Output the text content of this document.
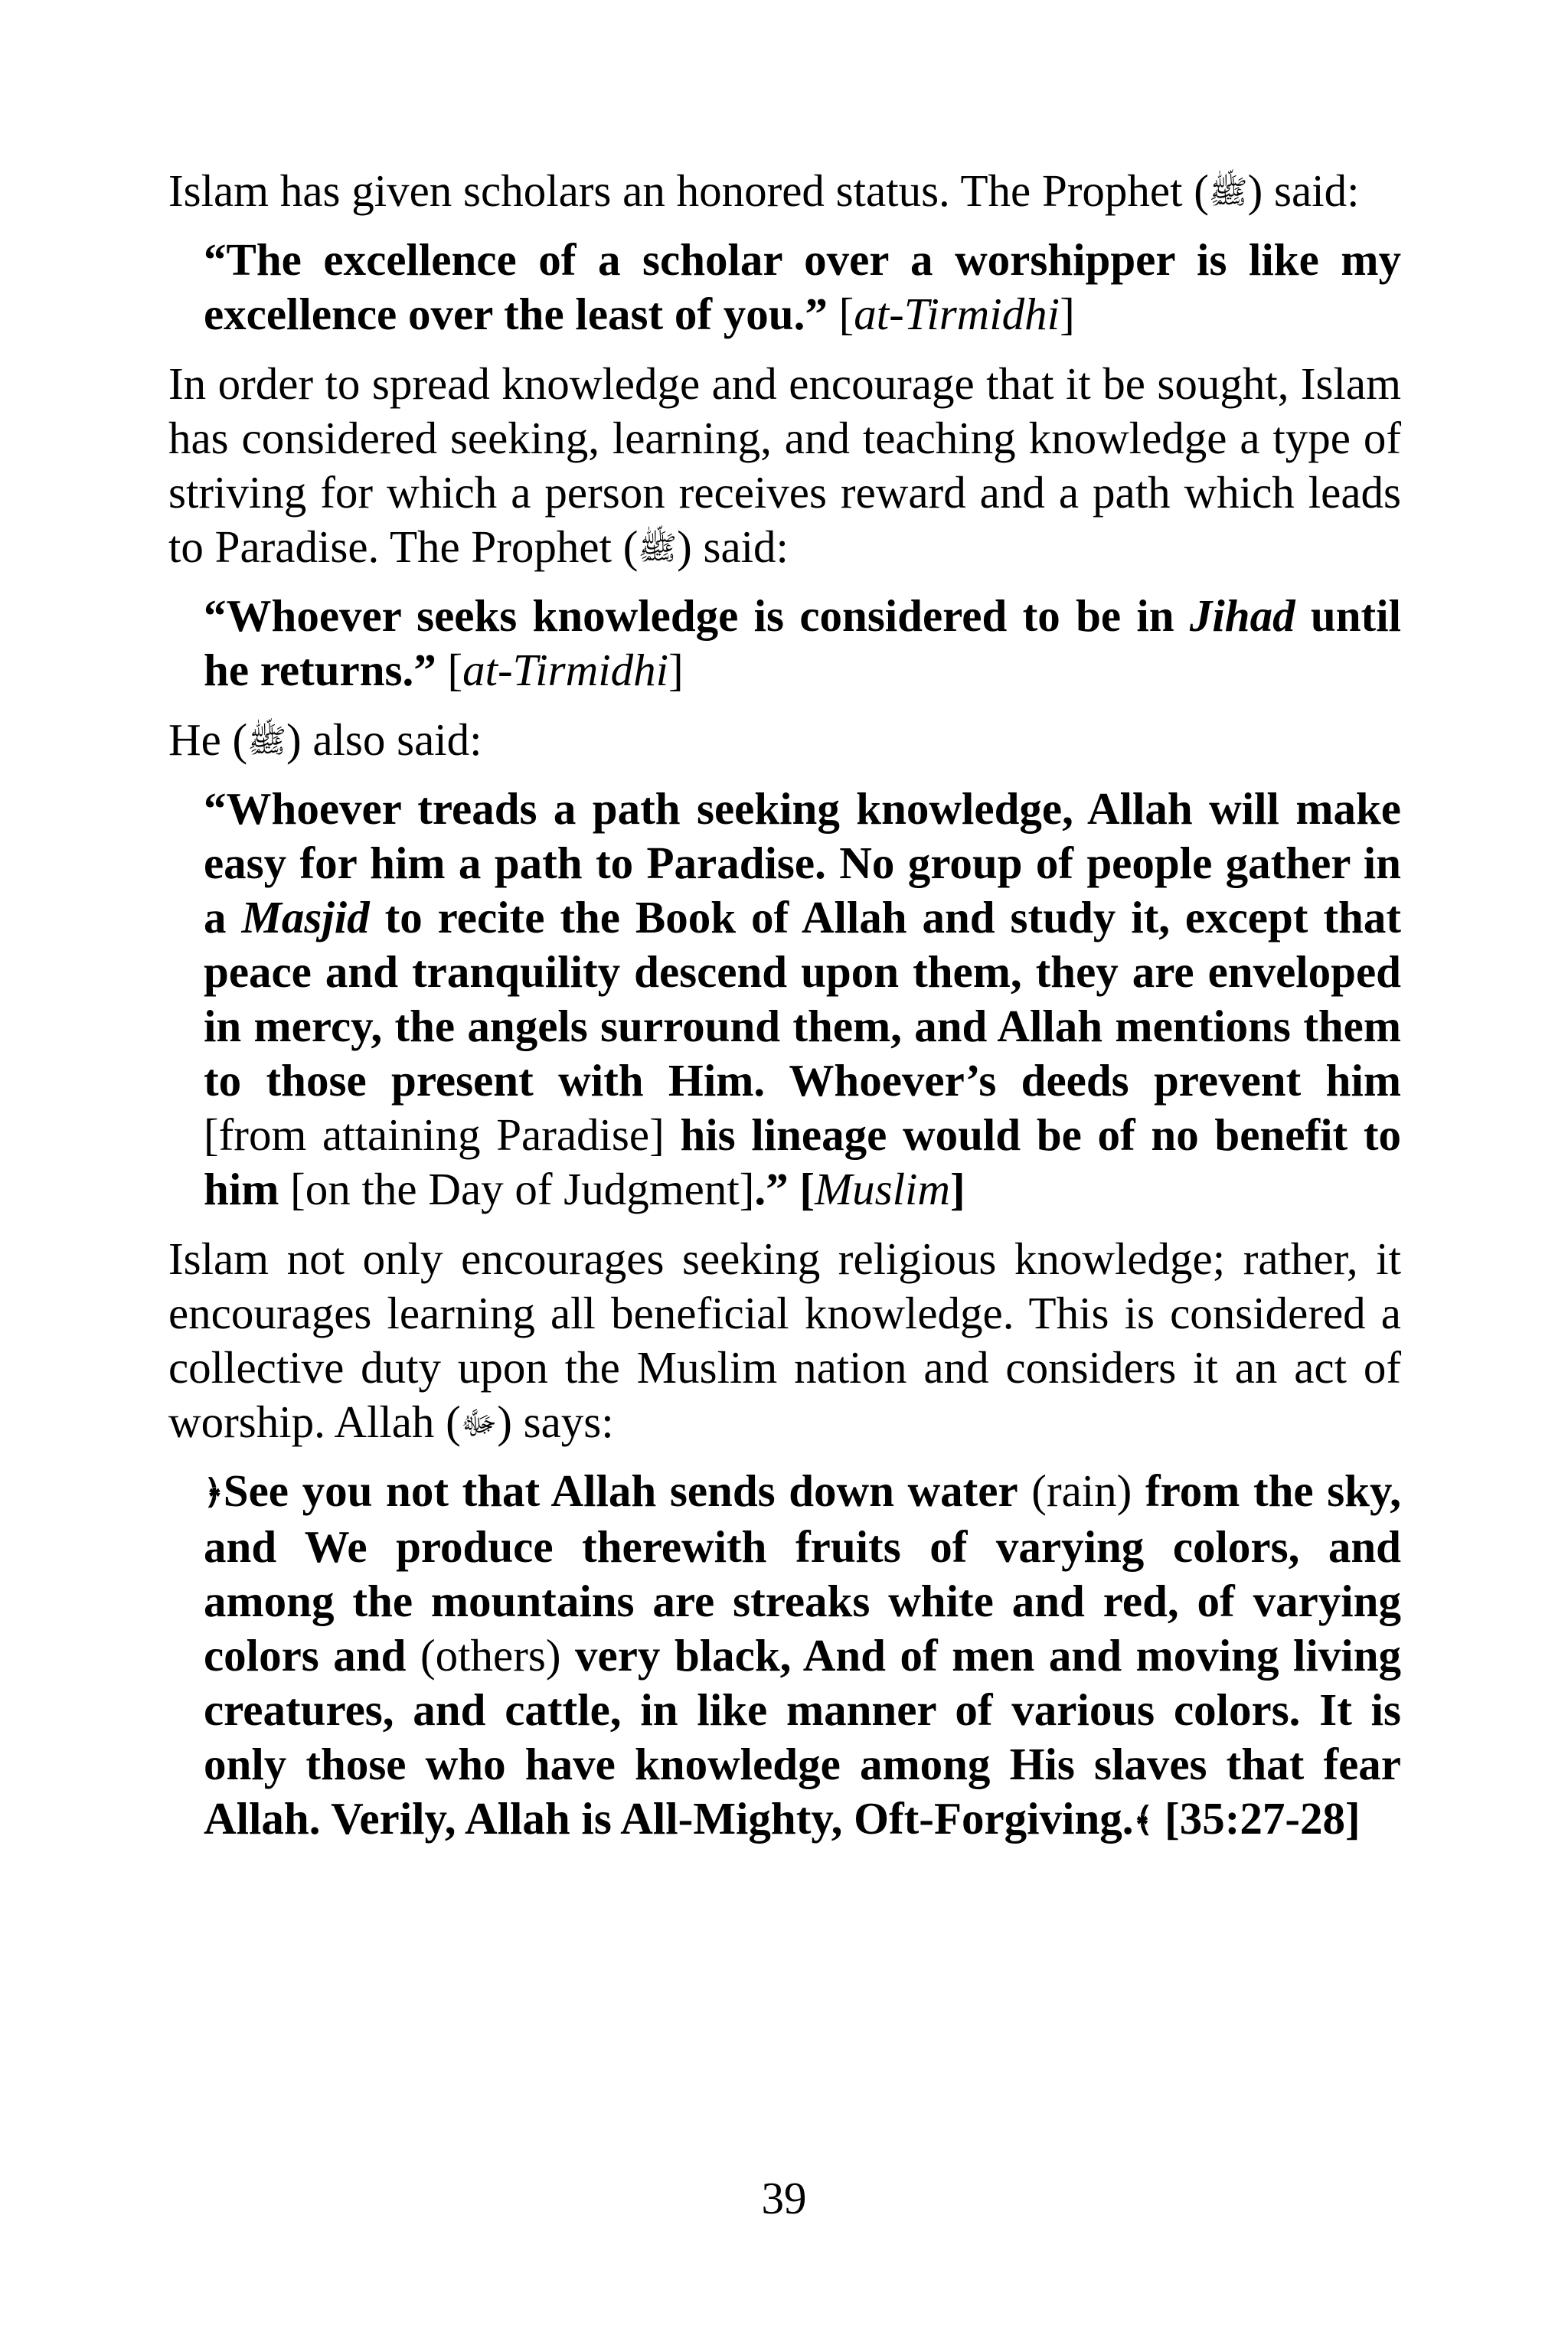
Islam has given scholars an honored status. The Prophet (ﷺ) said:

“The excellence of a scholar over a worshipper is like my excellence over the least of you.” [at-Tirmidhi]

In order to spread knowledge and encourage that it be sought, Islam has considered seeking, learning, and teaching knowledge a type of striving for which a person receives reward and a path which leads to Paradise. The Prophet (ﷺ) said:

“Whoever seeks knowledge is considered to be in Jihad until he returns.” [at-Tirmidhi]

He (ﷺ) also said:

“Whoever treads a path seeking knowledge, Allah will make easy for him a path to Paradise. No group of people gather in a Masjid to recite the Book of Allah and study it, except that peace and tranquility descend upon them, they are enveloped in mercy, the angels surround them, and Allah mentions them to those present with Him. Whoever’s deeds prevent him [from attaining Paradise] his lineage would be of no benefit to him [on the Day of Judgment].” [Muslim]

Islam not only encourages seeking religious knowledge; rather, it encourages learning all beneficial knowledge. This is considered a collective duty upon the Muslim nation and considers it an act of worship. Allah (ﷻ) says:

﴿See you not that Allah sends down water (rain) from the sky, and We produce therewith fruits of varying colors, and among the mountains are streaks white and red, of varying colors and (others) very black, And of men and moving living creatures, and cattle, in like manner of various colors. It is only those who have knowledge among His slaves that fear Allah. Verily, Allah is All-Mighty, Oft-Forgiving.﴾ [35:27-28]

39
